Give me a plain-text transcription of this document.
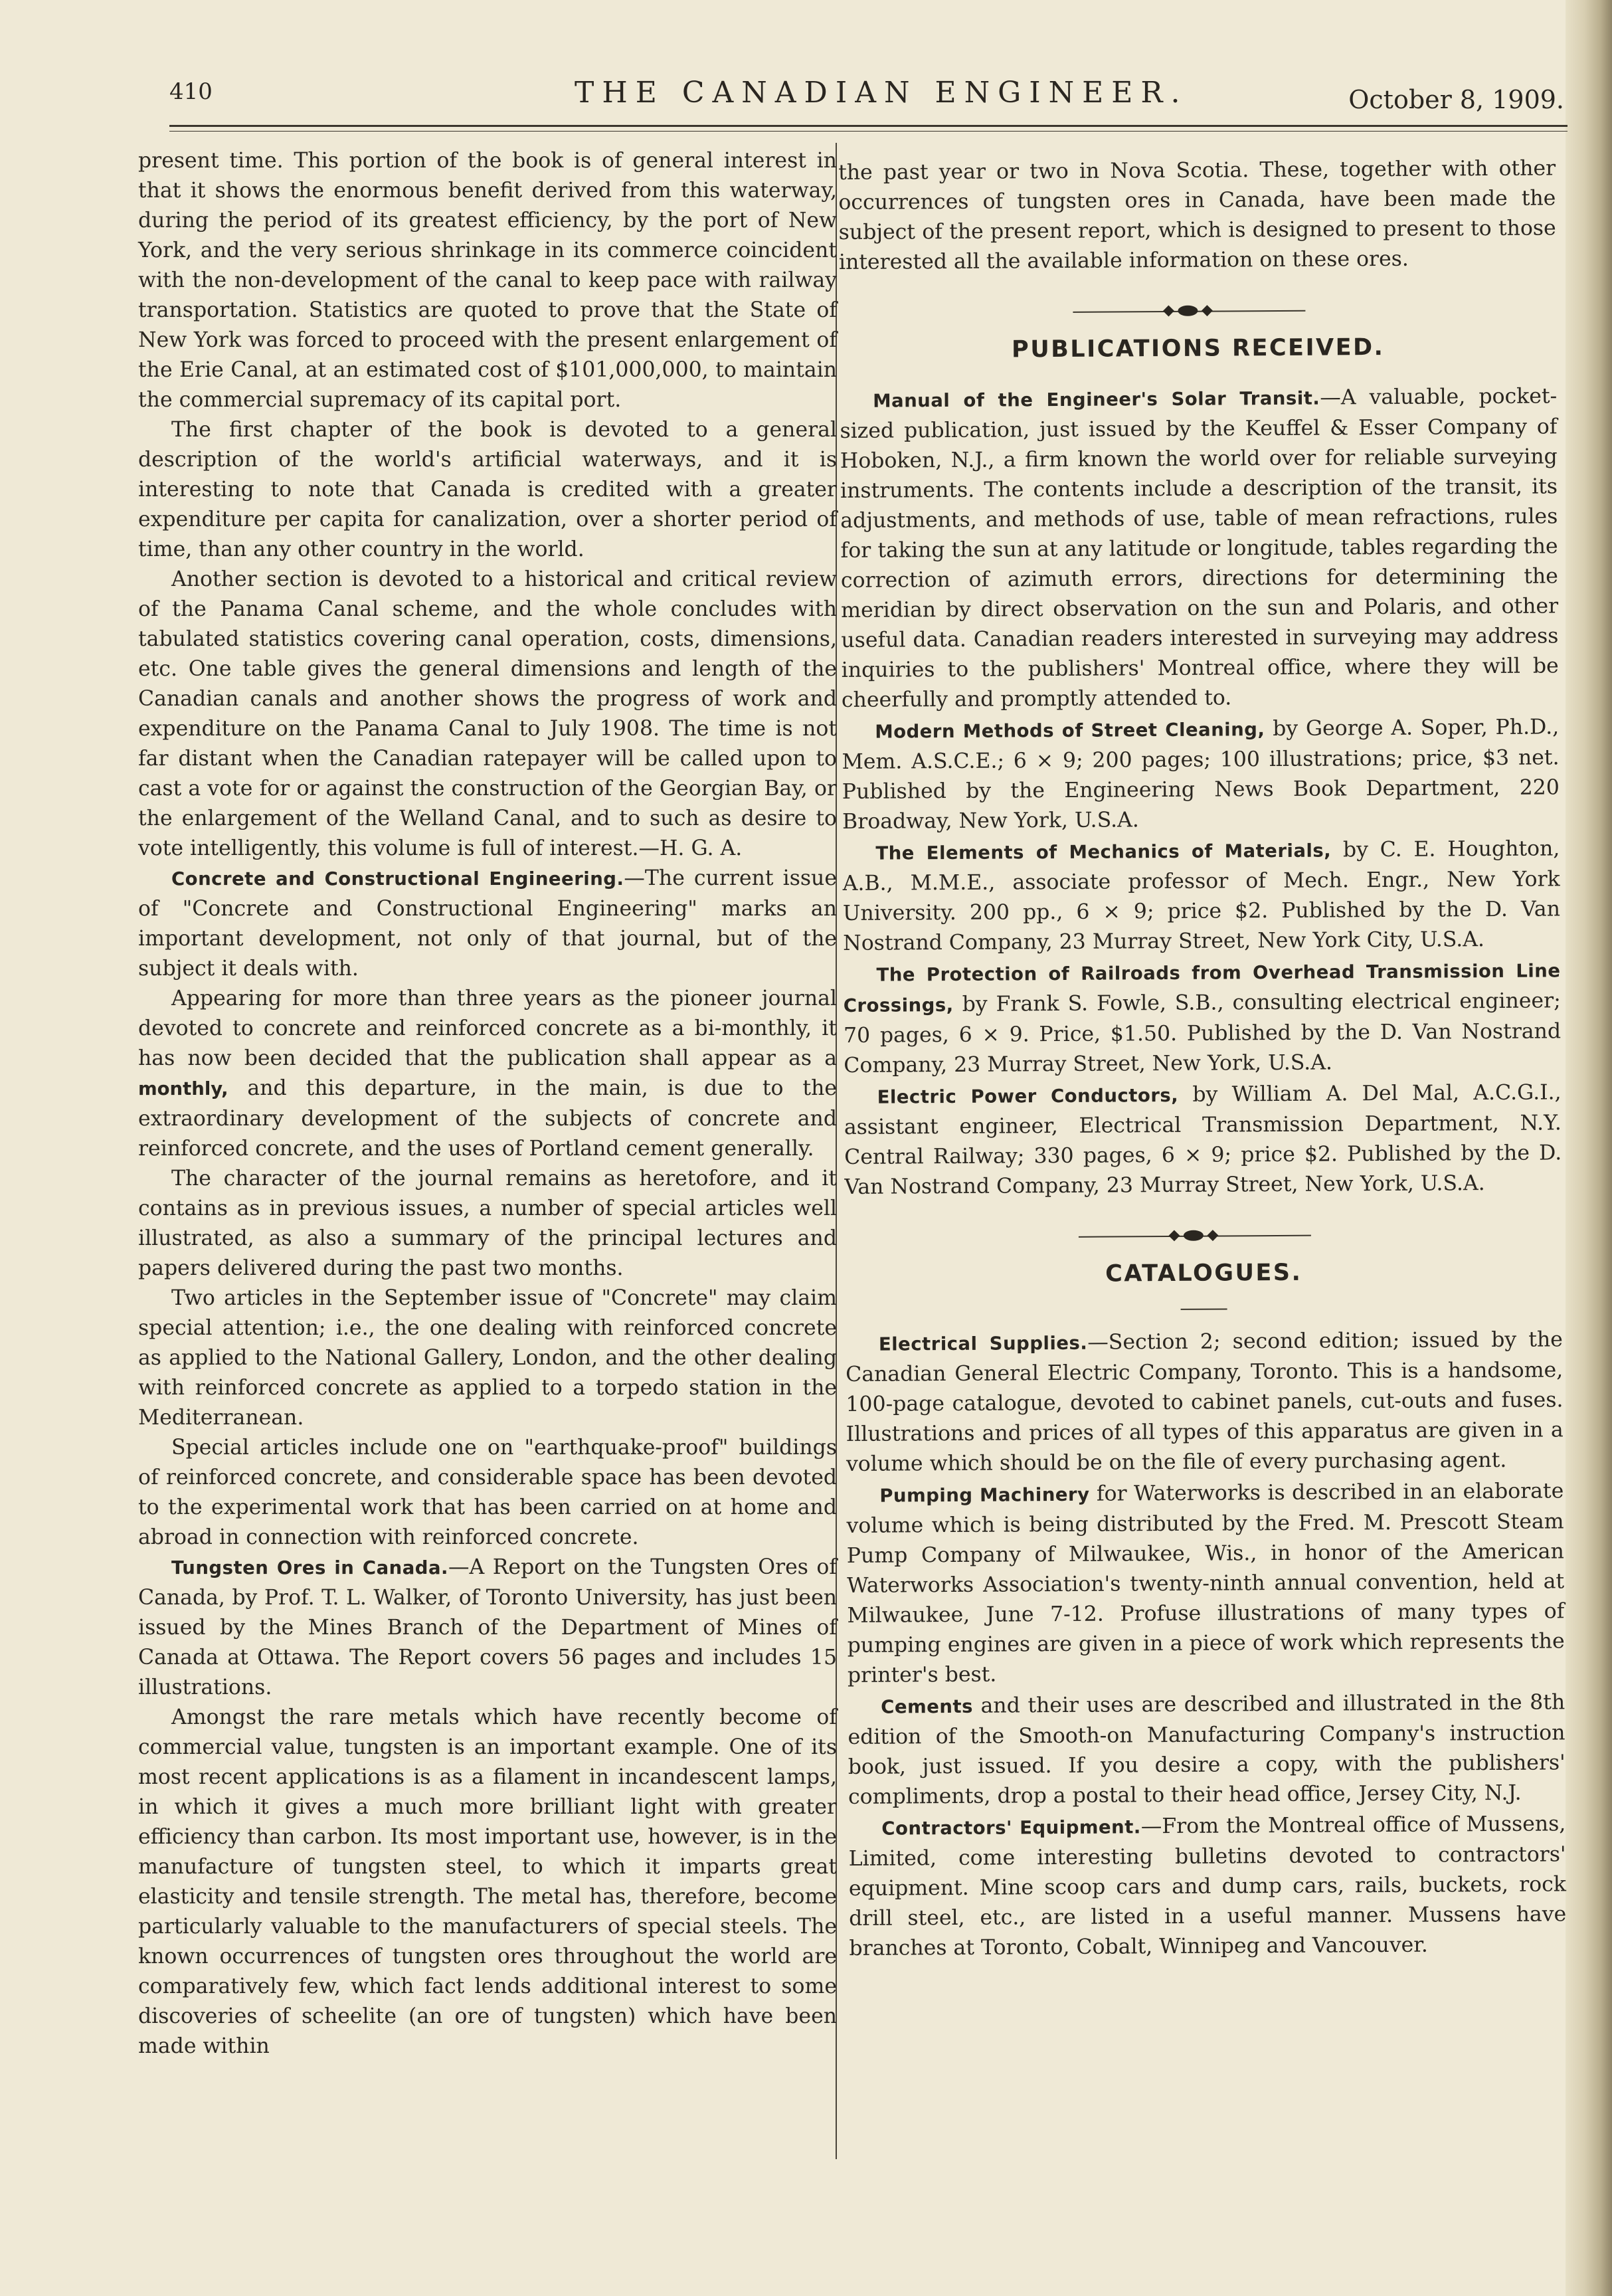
410	THE CANADIAN ENGINEER.	October 8, 1909.

present time. This portion of the book is of general interest in that it shows the enormous benefit derived from this waterway, during the period of its greatest efficiency, by the port of New York, and the very serious shrinkage in its commerce coincident with the non-development of the canal to keep pace with railway transportation. Statistics are quoted to prove that the State of New York was forced to proceed with the present enlargement of the Erie Canal, at an estimated cost of $101,000,000, to maintain the commercial supremacy of its capital port.

The first chapter of the book is devoted to a general description of the world's artificial waterways, and it is interesting to note that Canada is credited with a greater expenditure per capita for canalization, over a shorter period of time, than any other country in the world.

Another section is devoted to a historical and critical review of the Panama Canal scheme, and the whole concludes with tabulated statistics covering canal operation, costs, dimensions, etc. One table gives the general dimensions and length of the Canadian canals and another shows the progress of work and expenditure on the Panama Canal to July 1908. The time is not far distant when the Canadian ratepayer will be called upon to cast a vote for or against the construction of the Georgian Bay, or the enlargement of the Welland Canal, and to such as desire to vote intelligently, this volume is full of interest.—H. G. A.

Concrete and Constructional Engineering.—The current issue of "Concrete and Constructional Engineering" marks an important development, not only of that journal, but of the subject it deals with.

Appearing for more than three years as the pioneer journal devoted to concrete and reinforced concrete as a bi-monthly, it has now been decided that the publication shall appear as a monthly, and this departure, in the main, is due to the extraordinary development of the subjects of concrete and reinforced concrete, and the uses of Portland cement generally.

The character of the journal remains as heretofore, and it contains as in previous issues, a number of special articles well illustrated, as also a summary of the principal lectures and papers delivered during the past two months.

Two articles in the September issue of "Concrete" may claim special attention; i.e., the one dealing with reinforced concrete as applied to the National Gallery, London, and the other dealing with reinforced concrete as applied to a torpedo station in the Mediterranean.

Special articles include one on "earthquake-proof" buildings of reinforced concrete, and considerable space has been devoted to the experimental work that has been carried on at home and abroad in connection with reinforced concrete.

Tungsten Ores in Canada.—A Report on the Tungsten Ores of Canada, by Prof. T. L. Walker, of Toronto University, has just been issued by the Mines Branch of the Department of Mines of Canada at Ottawa. The Report covers 56 pages and includes 15 illustrations.

Amongst the rare metals which have recently become of commercial value, tungsten is an important example. One of its most recent applications is as a filament in incandescent lamps, in which it gives a much more brilliant light with greater efficiency than carbon. Its most important use, however, is in the manufacture of tungsten steel, to which it imparts great elasticity and tensile strength. The metal has, therefore, become particularly valuable to the manufacturers of special steels. The known occurrences of tungsten ores throughout the world are comparatively few, which fact lends additional interest to some discoveries of scheelite (an ore of tungsten) which have been made within

the past year or two in Nova Scotia. These, together with other occurrences of tungsten ores in Canada, have been made the subject of the present report, which is designed to present to those interested all the available information on these ores.

PUBLICATIONS RECEIVED.

Manual of the Engineer's Solar Transit.—A valuable, pocket-sized publication, just issued by the Keuffel & Esser Company of Hoboken, N.J., a firm known the world over for reliable surveying instruments. The contents include a description of the transit, its adjustments, and methods of use, table of mean refractions, rules for taking the sun at any latitude or longitude, tables regarding the correction of azimuth errors, directions for determining the meridian by direct observation on the sun and Polaris, and other useful data. Canadian readers interested in surveying may address inquiries to the publishers' Montreal office, where they will be cheerfully and promptly attended to.

Modern Methods of Street Cleaning, by George A. Soper, Ph.D., Mem. A.S.C.E.; 6 × 9; 200 pages; 100 illustrations; price, $3 net. Published by the Engineering News Book Department, 220 Broadway, New York, U.S.A.

The Elements of Mechanics of Materials, by C. E. Houghton, A.B., M.M.E., associate professor of Mech. Engr., New York University. 200 pp., 6 × 9; price $2. Published by the D. Van Nostrand Company, 23 Murray Street, New York City, U.S.A.

The Protection of Railroads from Overhead Transmission Line Crossings, by Frank S. Fowle, S.B., consulting electrical engineer; 70 pages, 6 × 9. Price, $1.50. Published by the D. Van Nostrand Company, 23 Murray Street, New York, U.S.A.

Electric Power Conductors, by William A. Del Mal, A.C.G.I., assistant engineer, Electrical Transmission Department, N.Y. Central Railway; 330 pages, 6 × 9; price $2. Published by the D. Van Nostrand Company, 23 Murray Street, New York, U.S.A.

CATALOGUES.

Electrical Supplies.—Section 2; second edition; issued by the Canadian General Electric Company, Toronto. This is a handsome, 100-page catalogue, devoted to cabinet panels, cut-outs and fuses. Illustrations and prices of all types of this apparatus are given in a volume which should be on the file of every purchasing agent.

Pumping Machinery for Waterworks is described in an elaborate volume which is being distributed by the Fred. M. Prescott Steam Pump Company of Milwaukee, Wis., in honor of the American Waterworks Association's twenty-ninth annual convention, held at Milwaukee, June 7-12. Profuse illustrations of many types of pumping engines are given in a piece of work which represents the printer's best.

Cements and their uses are described and illustrated in the 8th edition of the Smooth-on Manufacturing Company's instruction book, just issued. If you desire a copy, with the publishers' compliments, drop a postal to their head office, Jersey City, N.J.

Contractors' Equipment.—From the Montreal office of Mussens, Limited, come interesting bulletins devoted to contractors' equipment. Mine scoop cars and dump cars, rails, buckets, rock drill steel, etc., are listed in a useful manner. Mussens have branches at Toronto, Cobalt, Winnipeg and Vancouver.
